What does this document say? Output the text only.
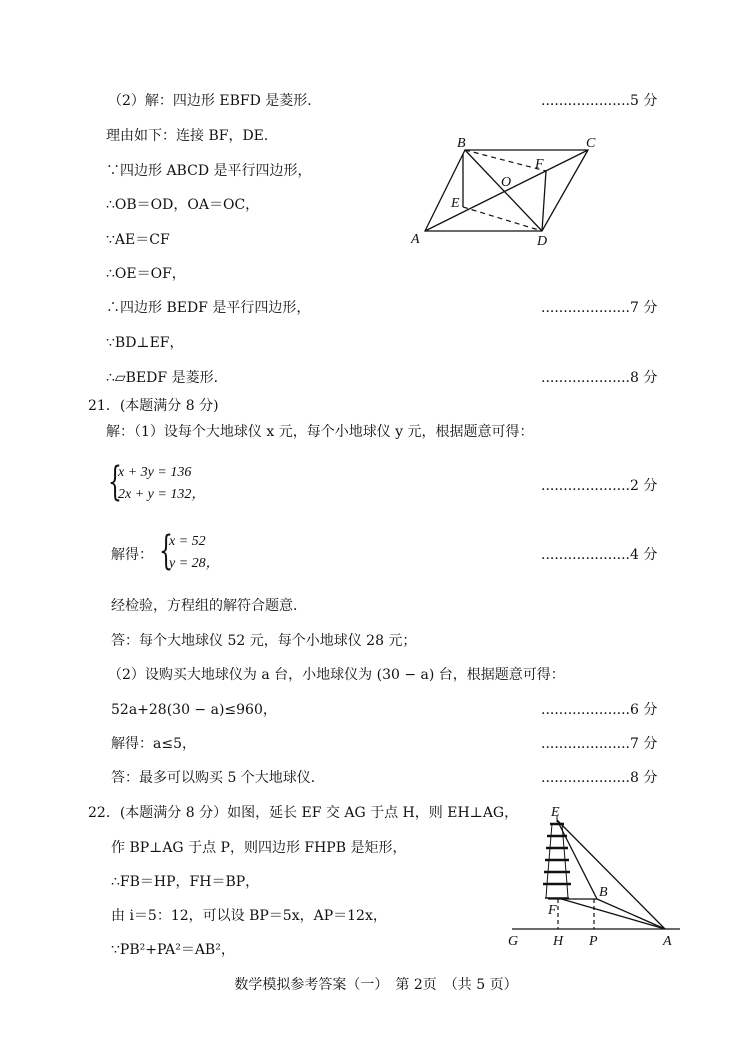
（2）解：四边形 EBFD 是菱形．	....................5 分
理由如下：连接 BF，DE．
∵四边形 ABCD 是平行四边形，
∴OB＝OD，OA＝OC，
∵AE＝CF
∴OE＝OF，
∴四边形 BEDF 是平行四边形，	....................7 分
∵BD⊥EF，
∴▱BEDF 是菱形．	....................8 分
A
B	C
D
E
F
O
21．(本题满分 8 分)
解：（1）设每个大地球仪 x 元，每个小地球仪 y 元，根据题意可得：
{
x + 3y = 136
2x + y = 132，
....................2 分
解得： {
x = 52
y = 28，
....................4 分
经检验，方程组的解符合题意．
答：每个大地球仪 52 元，每个小地球仪 28 元；
（2）设购买大地球仪为 a 台，小地球仪为 (30 − a) 台，根据题意可得：
52a+28(30 − a)≤960，	....................6 分
解得：a≤5，	....................7 分
答：最多可以购买 5 个大地球仪．	....................8 分
22．(本题满分 8 分）如图，延长 EF 交 AG 于点 H，则 EH⊥AG，
作 BP⊥AG 于点 P，则四边形 FHPB 是矩形，
∴FB＝HP，FH＝BP，
由 i＝5：12，可以设 BP＝5x，AP＝12x，
∵PB²+PA²＝AB²，
E
B
F
G H P	A
数学模拟参考答案（一）　第 2页　（共 5 页）
